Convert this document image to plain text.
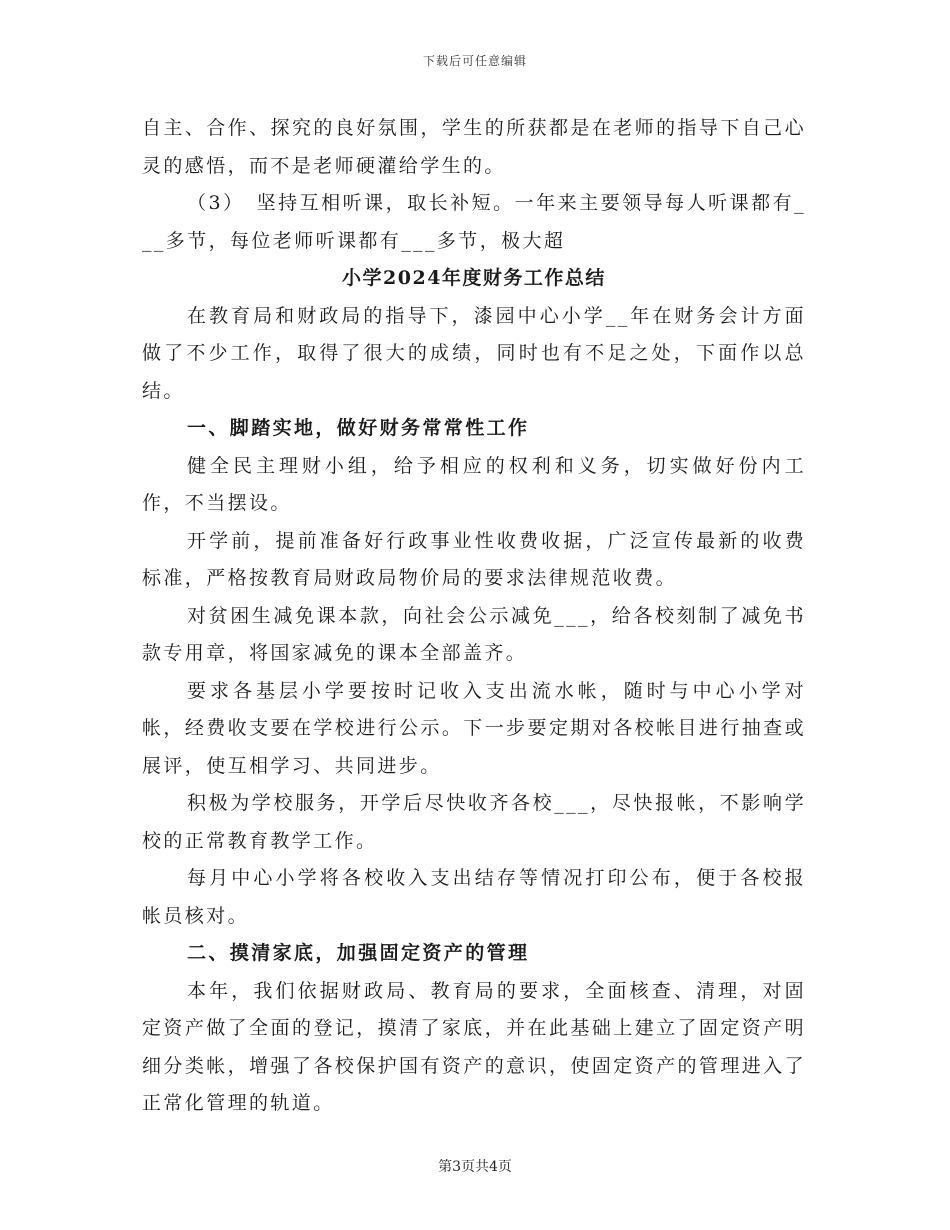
下载后可任意编辑

自主、合作、探究的良好氛围，学生的所获都是在老师的指导下自己心灵的感悟，而不是老师硬灌给学生的。

（3）　坚持互相听课，取长补短。一年来主要领导每人听课都有___多节，每位老师听课都有___多节，极大超

小学2024年度财务工作总结

在教育局和财政局的指导下，漆园中心小学__年在财务会计方面做了不少工作，取得了很大的成绩，同时也有不足之处，下面作以总结。

一、脚踏实地，做好财务常常性工作

健全民主理财小组，给予相应的权利和义务，切实做好份内工作，不当摆设。

开学前，提前准备好行政事业性收费收据，广泛宣传最新的收费标准，严格按教育局财政局物价局的要求法律规范收费。

对贫困生减免课本款，向社会公示减免___，给各校刻制了减免书款专用章，将国家减免的课本全部盖齐。

要求各基层小学要按时记收入支出流水帐，随时与中心小学对帐，经费收支要在学校进行公示。下一步要定期对各校帐目进行抽查或展评，使互相学习、共同进步。

积极为学校服务，开学后尽快收齐各校___，尽快报帐，不影响学校的正常教育教学工作。

每月中心小学将各校收入支出结存等情况打印公布，便于各校报帐员核对。

二、摸清家底，加强固定资产的管理

本年，我们依据财政局、教育局的要求，全面核查、清理，对固定资产做了全面的登记，摸清了家底，并在此基础上建立了固定资产明细分类帐，增强了各校保护国有资产的意识，使固定资产的管理进入了正常化管理的轨道。

第3页共4页
